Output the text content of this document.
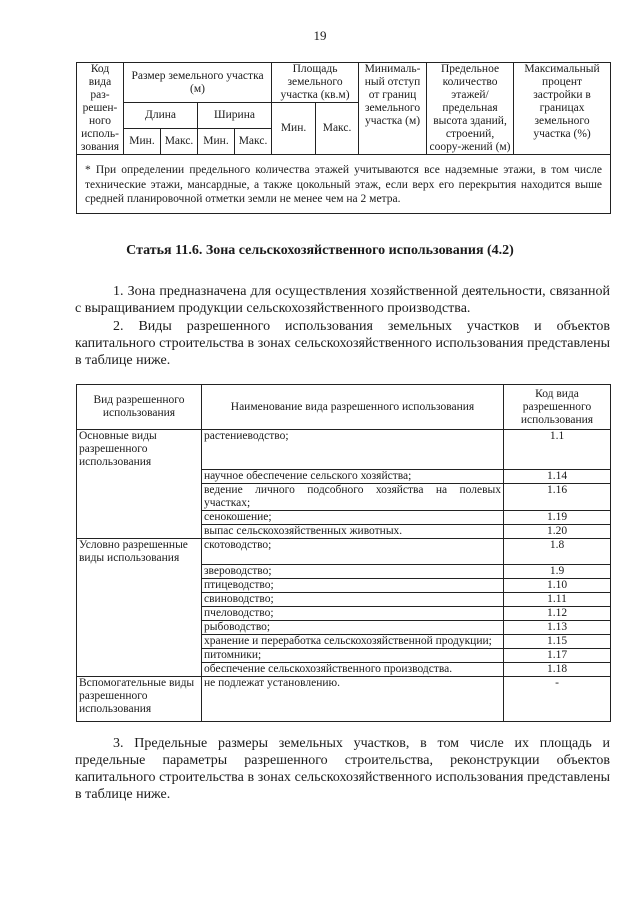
19
Код вида раз-решен-ного исполь-зования	Размер земельного участка (м)				Площадь земельного участка (кв.м)		Минималь-ный отступ от границ земельного участка (м)	Предельное количество этажей/ предельная высота зданий, строений, соору-жений (м)	Максимальный процент застройки в границах земельного участка (%)
	Длина		Ширина		Мин.	Макс.			
	Мин.	Макс.	Мин.	Макс.					
* При определении предельного количества этажей учитываются все надземные этажи, в том числе технические этажи, мансардные, а также цокольный этаж, если верх его перекрытия находится выше средней планировочной отметки земли не менее чем на 2 метра.									
Статья 11.6. Зона сельскохозяйственного использования (4.2)

1. Зона предназначена для осуществления хозяйственной деятельности, связанной с выращиванием продукции сельскохозяйственного производства.

2. Виды разрешенного использования земельных участков и объектов капитального строительства в зонах сельскохозяйственного использования представлены в таблице ниже.

Вид разрешенного использования	Наименование вида разрешенного использования	Код вида разрешенного использования
Основные виды разрешенного использования	растениеводство;	1.1
	научное обеспечение сельского хозяйства;	1.14
	ведение личного подсобного хозяйства на полевых участках;	1.16
	сенокошение;	1.19
	выпас сельскохозяйственных животных.	1.20
Условно разрешенные виды использования	скотоводство;	1.8
	звероводство;	1.9
	птицеводство;	1.10
	свиноводство;	1.11
	пчеловодство;	1.12
	рыбоводство;	1.13
	хранение и переработка сельскохозяйственной продукции;	1.15
	питомники;	1.17
	обеспечение сельскохозяйственного производства.	1.18
Вспомогательные виды разрешенного использования	не подлежат установлению.	-

3. Предельные размеры земельных участков, в том числе их площадь и предельные параметры разрешенного строительства, реконструкции объектов капитального строительства в зонах сельскохозяйственного использования представлены в таблице ниже.
